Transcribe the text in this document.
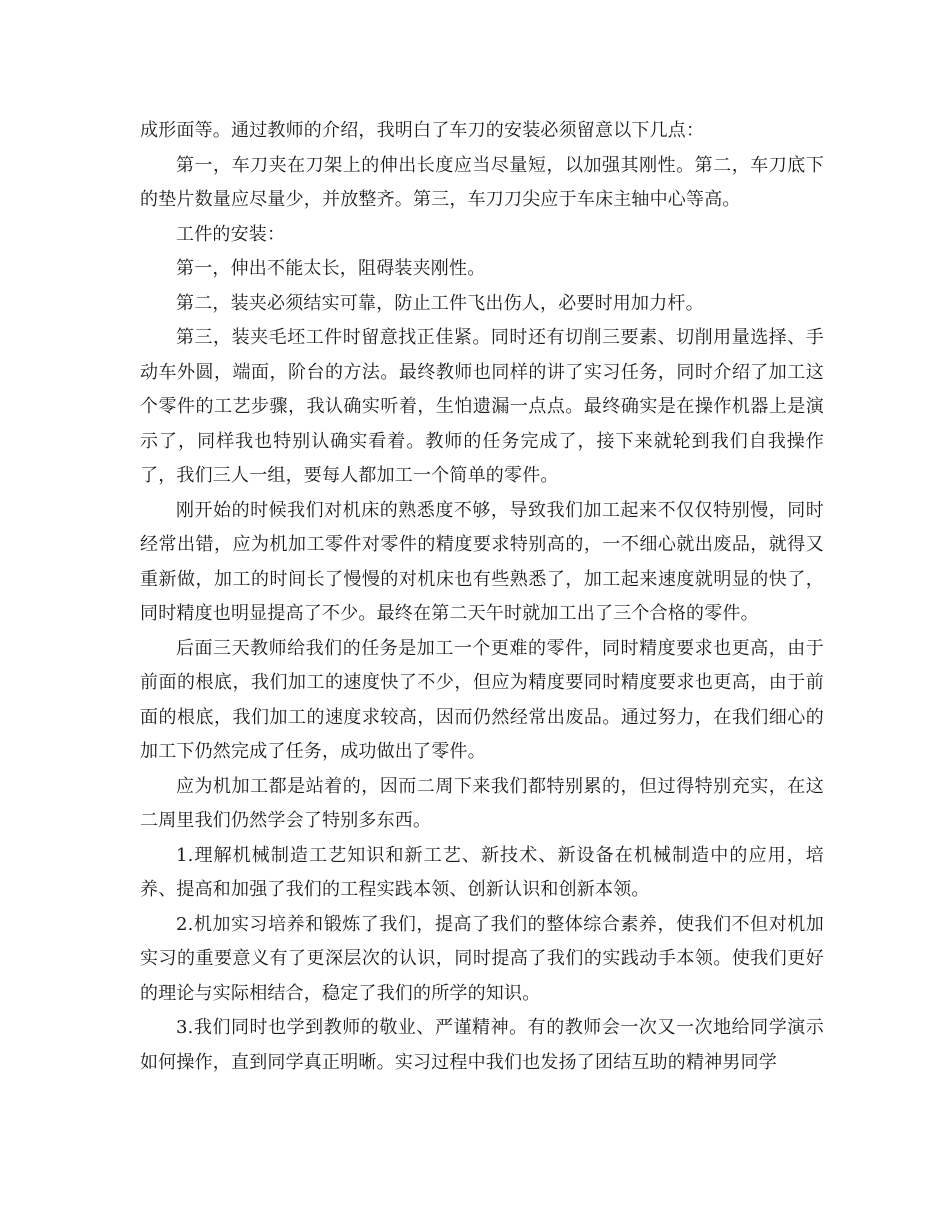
成形面等。通过教师的介绍，我明白了车刀的安装必须留意以下几点：

第一，车刀夹在刀架上的伸出长度应当尽量短，以加强其刚性。第二，车刀底下的垫片数量应尽量少，并放整齐。第三，车刀刀尖应于车床主轴中心等高。

工件的安装：

第一，伸出不能太长，阻碍装夹刚性。

第二，装夹必须结实可靠，防止工件飞出伤人，必要时用加力杆。

第三，装夹毛坯工件时留意找正佳紧。同时还有切削三要素、切削用量选择、手动车外圆，端面，阶台的方法。最终教师也同样的讲了实习任务，同时介绍了加工这个零件的工艺步骤，我认确实听着，生怕遗漏一点点。最终确实是在操作机器上是演示了，同样我也特别认确实看着。教师的任务完成了，接下来就轮到我们自我操作了，我们三人一组，要每人都加工一个简单的零件。

刚开始的时候我们对机床的熟悉度不够，导致我们加工起来不仅仅特别慢，同时经常出错，应为机加工零件对零件的精度要求特别高的，一不细心就出废品，就得又重新做，加工的时间长了慢慢的对机床也有些熟悉了，加工起来速度就明显的快了，同时精度也明显提高了不少。最终在第二天午时就加工出了三个合格的零件。

后面三天教师给我们的任务是加工一个更难的零件，同时精度要求也更高，由于前面的根底，我们加工的速度快了不少，但应为精度要同时精度要求也更高，由于前面的根底，我们加工的速度求较高，因而仍然经常出废品。通过努力，在我们细心的加工下仍然完成了任务，成功做出了零件。

应为机加工都是站着的，因而二周下来我们都特别累的，但过得特别充实，在这二周里我们仍然学会了特别多东西。

1.理解机械制造工艺知识和新工艺、新技术、新设备在机械制造中的应用，培养、提高和加强了我们的工程实践本领、创新认识和创新本领。

2.机加实习培养和锻炼了我们，提高了我们的整体综合素养，使我们不但对机加实习的重要意义有了更深层次的认识，同时提高了我们的实践动手本领。使我们更好的理论与实际相结合，稳定了我们的所学的知识。

3.我们同时也学到教师的敬业、严谨精神。有的教师会一次又一次地给同学演示如何操作，直到同学真正明晰。实习过程中我们也发扬了团结互助的精神男同学
